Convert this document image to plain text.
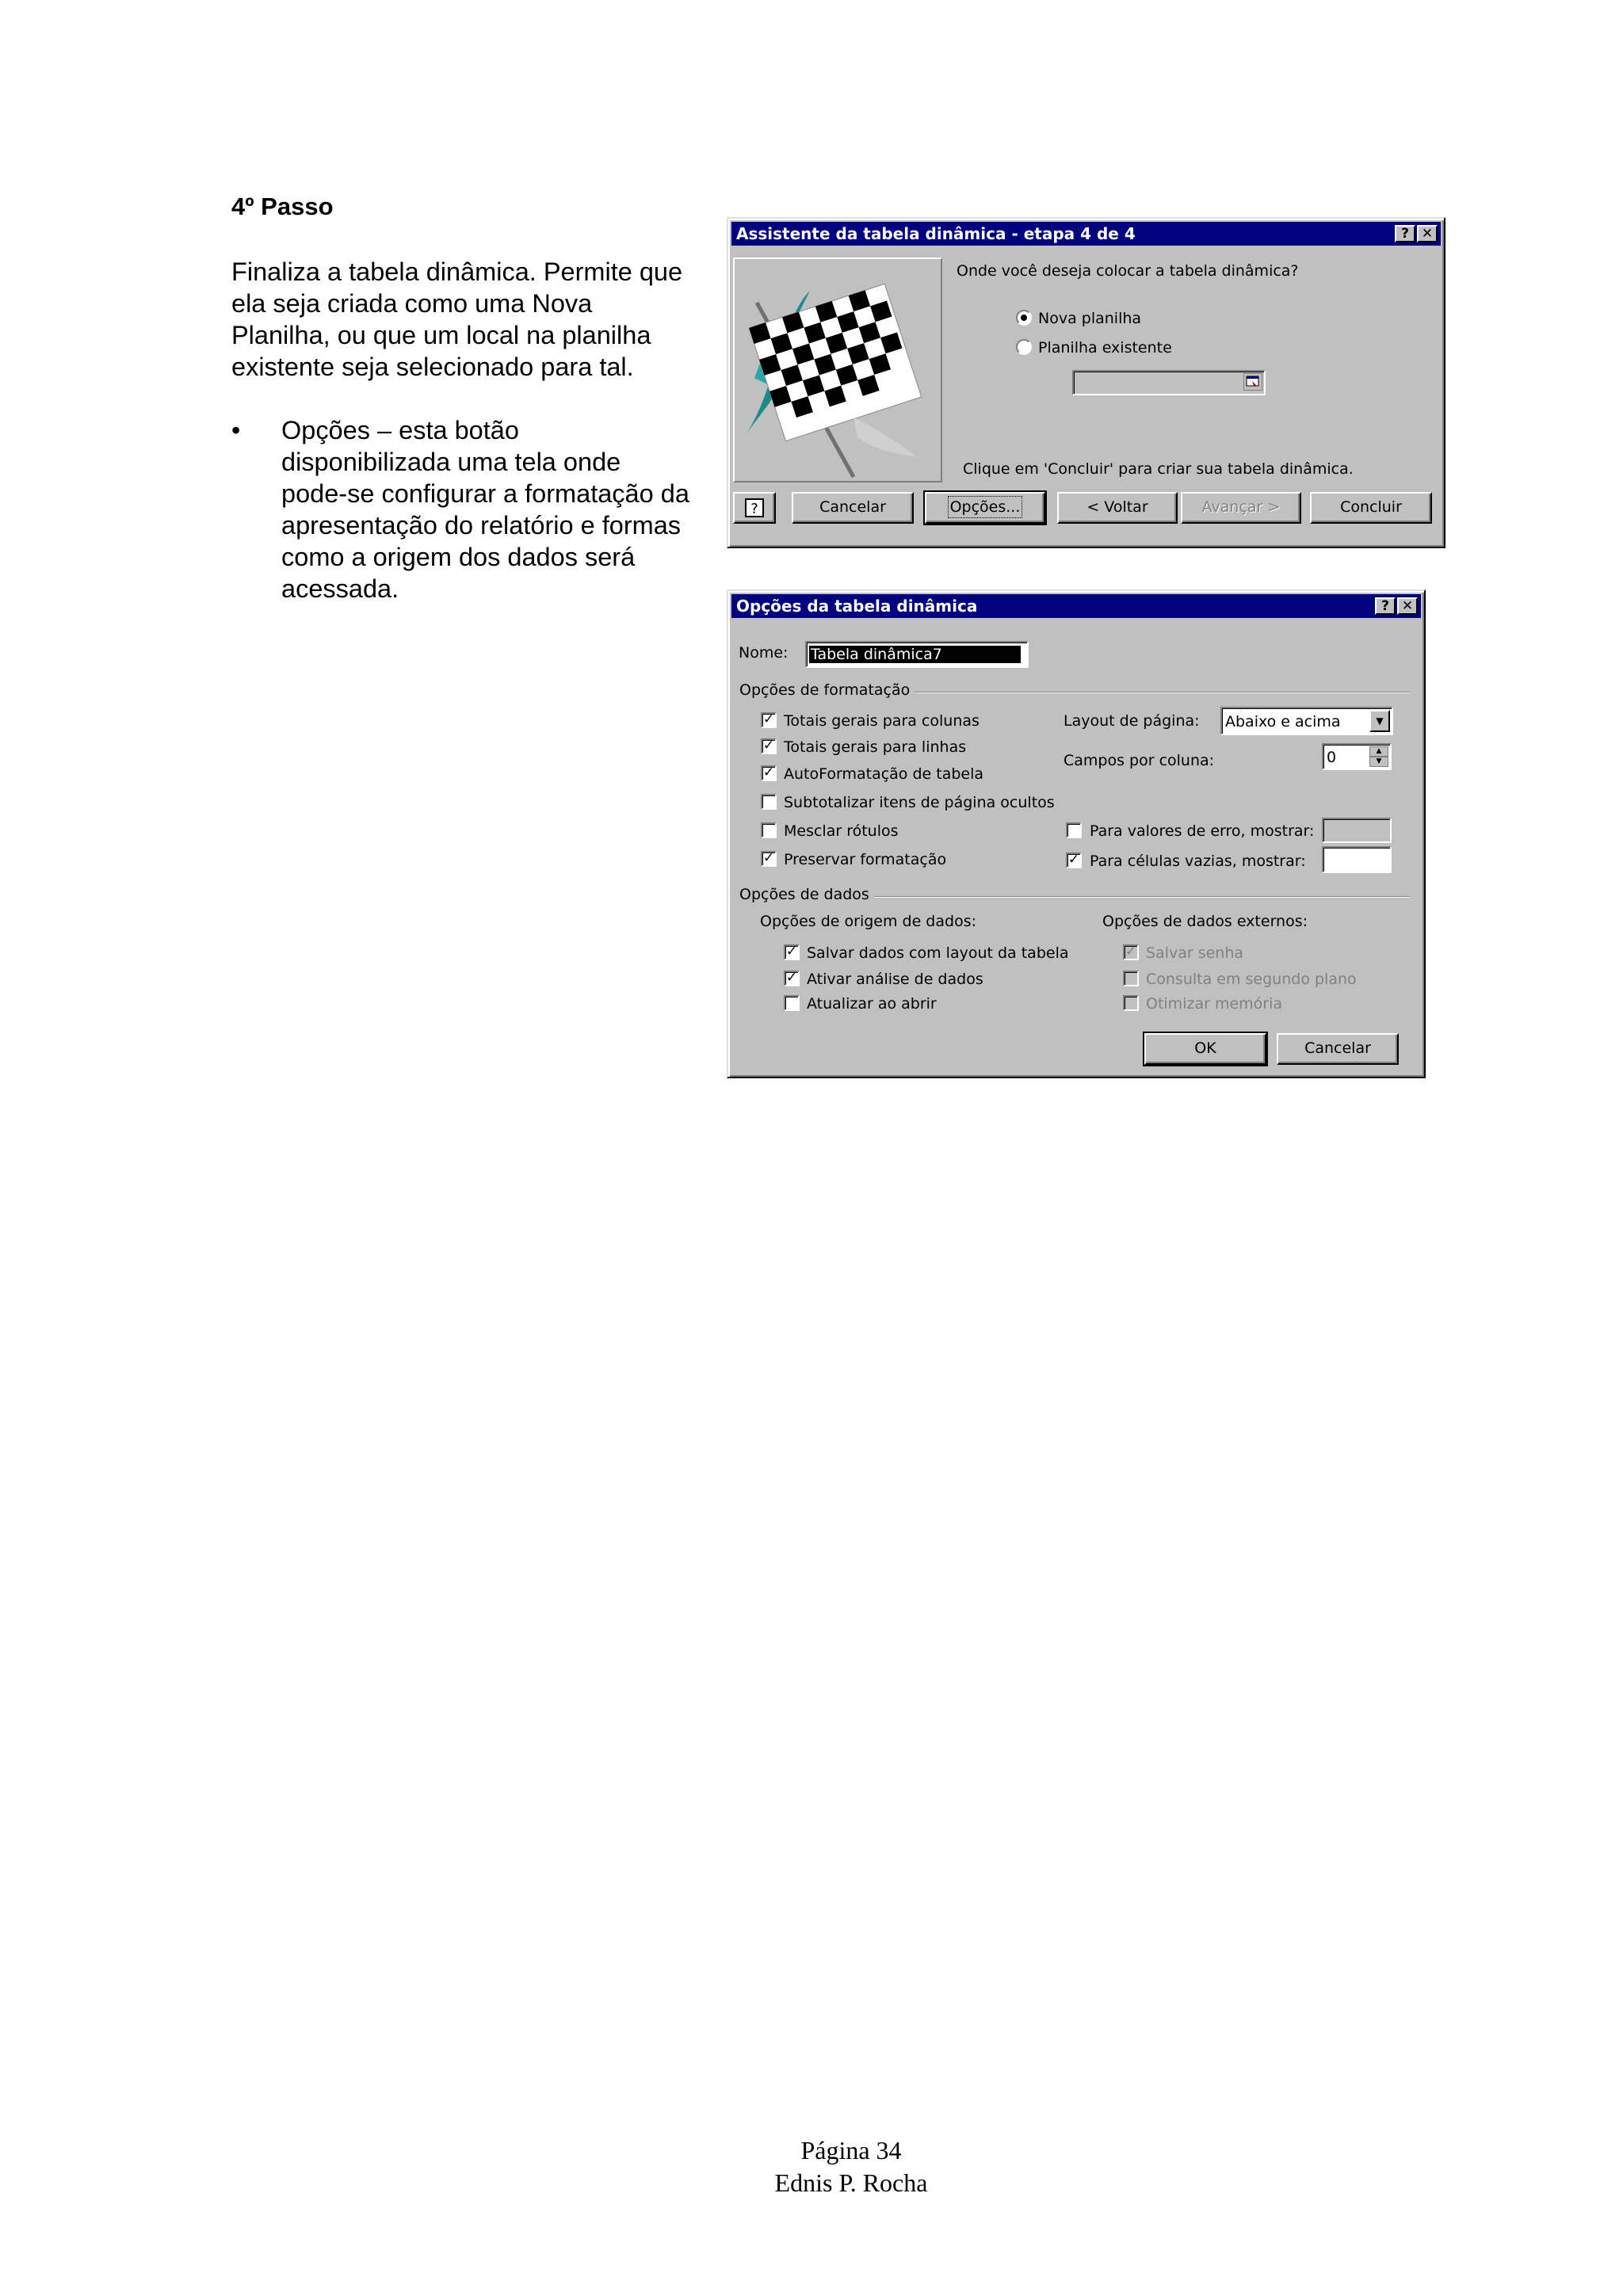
4º Passo
Finaliza a tabela dinâmica. Permite que ela seja criada como uma Nova Planilha, ou que um local na planilha existente seja selecionado para tal.
• Opções – esta botão disponibilizada uma tela onde pode-se configurar a formatação da apresentação do relatório e formas como a origem dos dados será acessada.
Assistente da tabela dinâmica - etapa 4 de 4	? ✕
Onde você deseja colocar a tabela dinâmica?
Nova planilha
Planilha existente
Clique em 'Concluir' para criar sua tabela dinâmica.
?	Cancelar	Opções...	< Voltar	Avançar >	Concluir
Opções da tabela dinâmica	? ✕
Nome: Tabela dinâmica7
Opções de formatação
✓ Totais gerais para colunas
✓ Totais gerais para linhas
✓ AutoFormatação de tabela
Subtotalizar itens de página ocultos
Mesclar rótulos
✓ Preservar formatação
Layout de página: Abaixo e acima	▼
Campos por coluna:	0	▲
▼
Para valores de erro, mostrar:
✓ Para células vazias, mostrar:
Opções de dados
Opções de origem de dados:
✓ Salvar dados com layout da tabela
✓ Ativar análise de dados
Atualizar ao abrir
Opções de dados externos:
✓ Salvar senha
Consulta em segundo plano
Otimizar memória
OK	Cancelar
Página 34
Ednis P. Rocha
